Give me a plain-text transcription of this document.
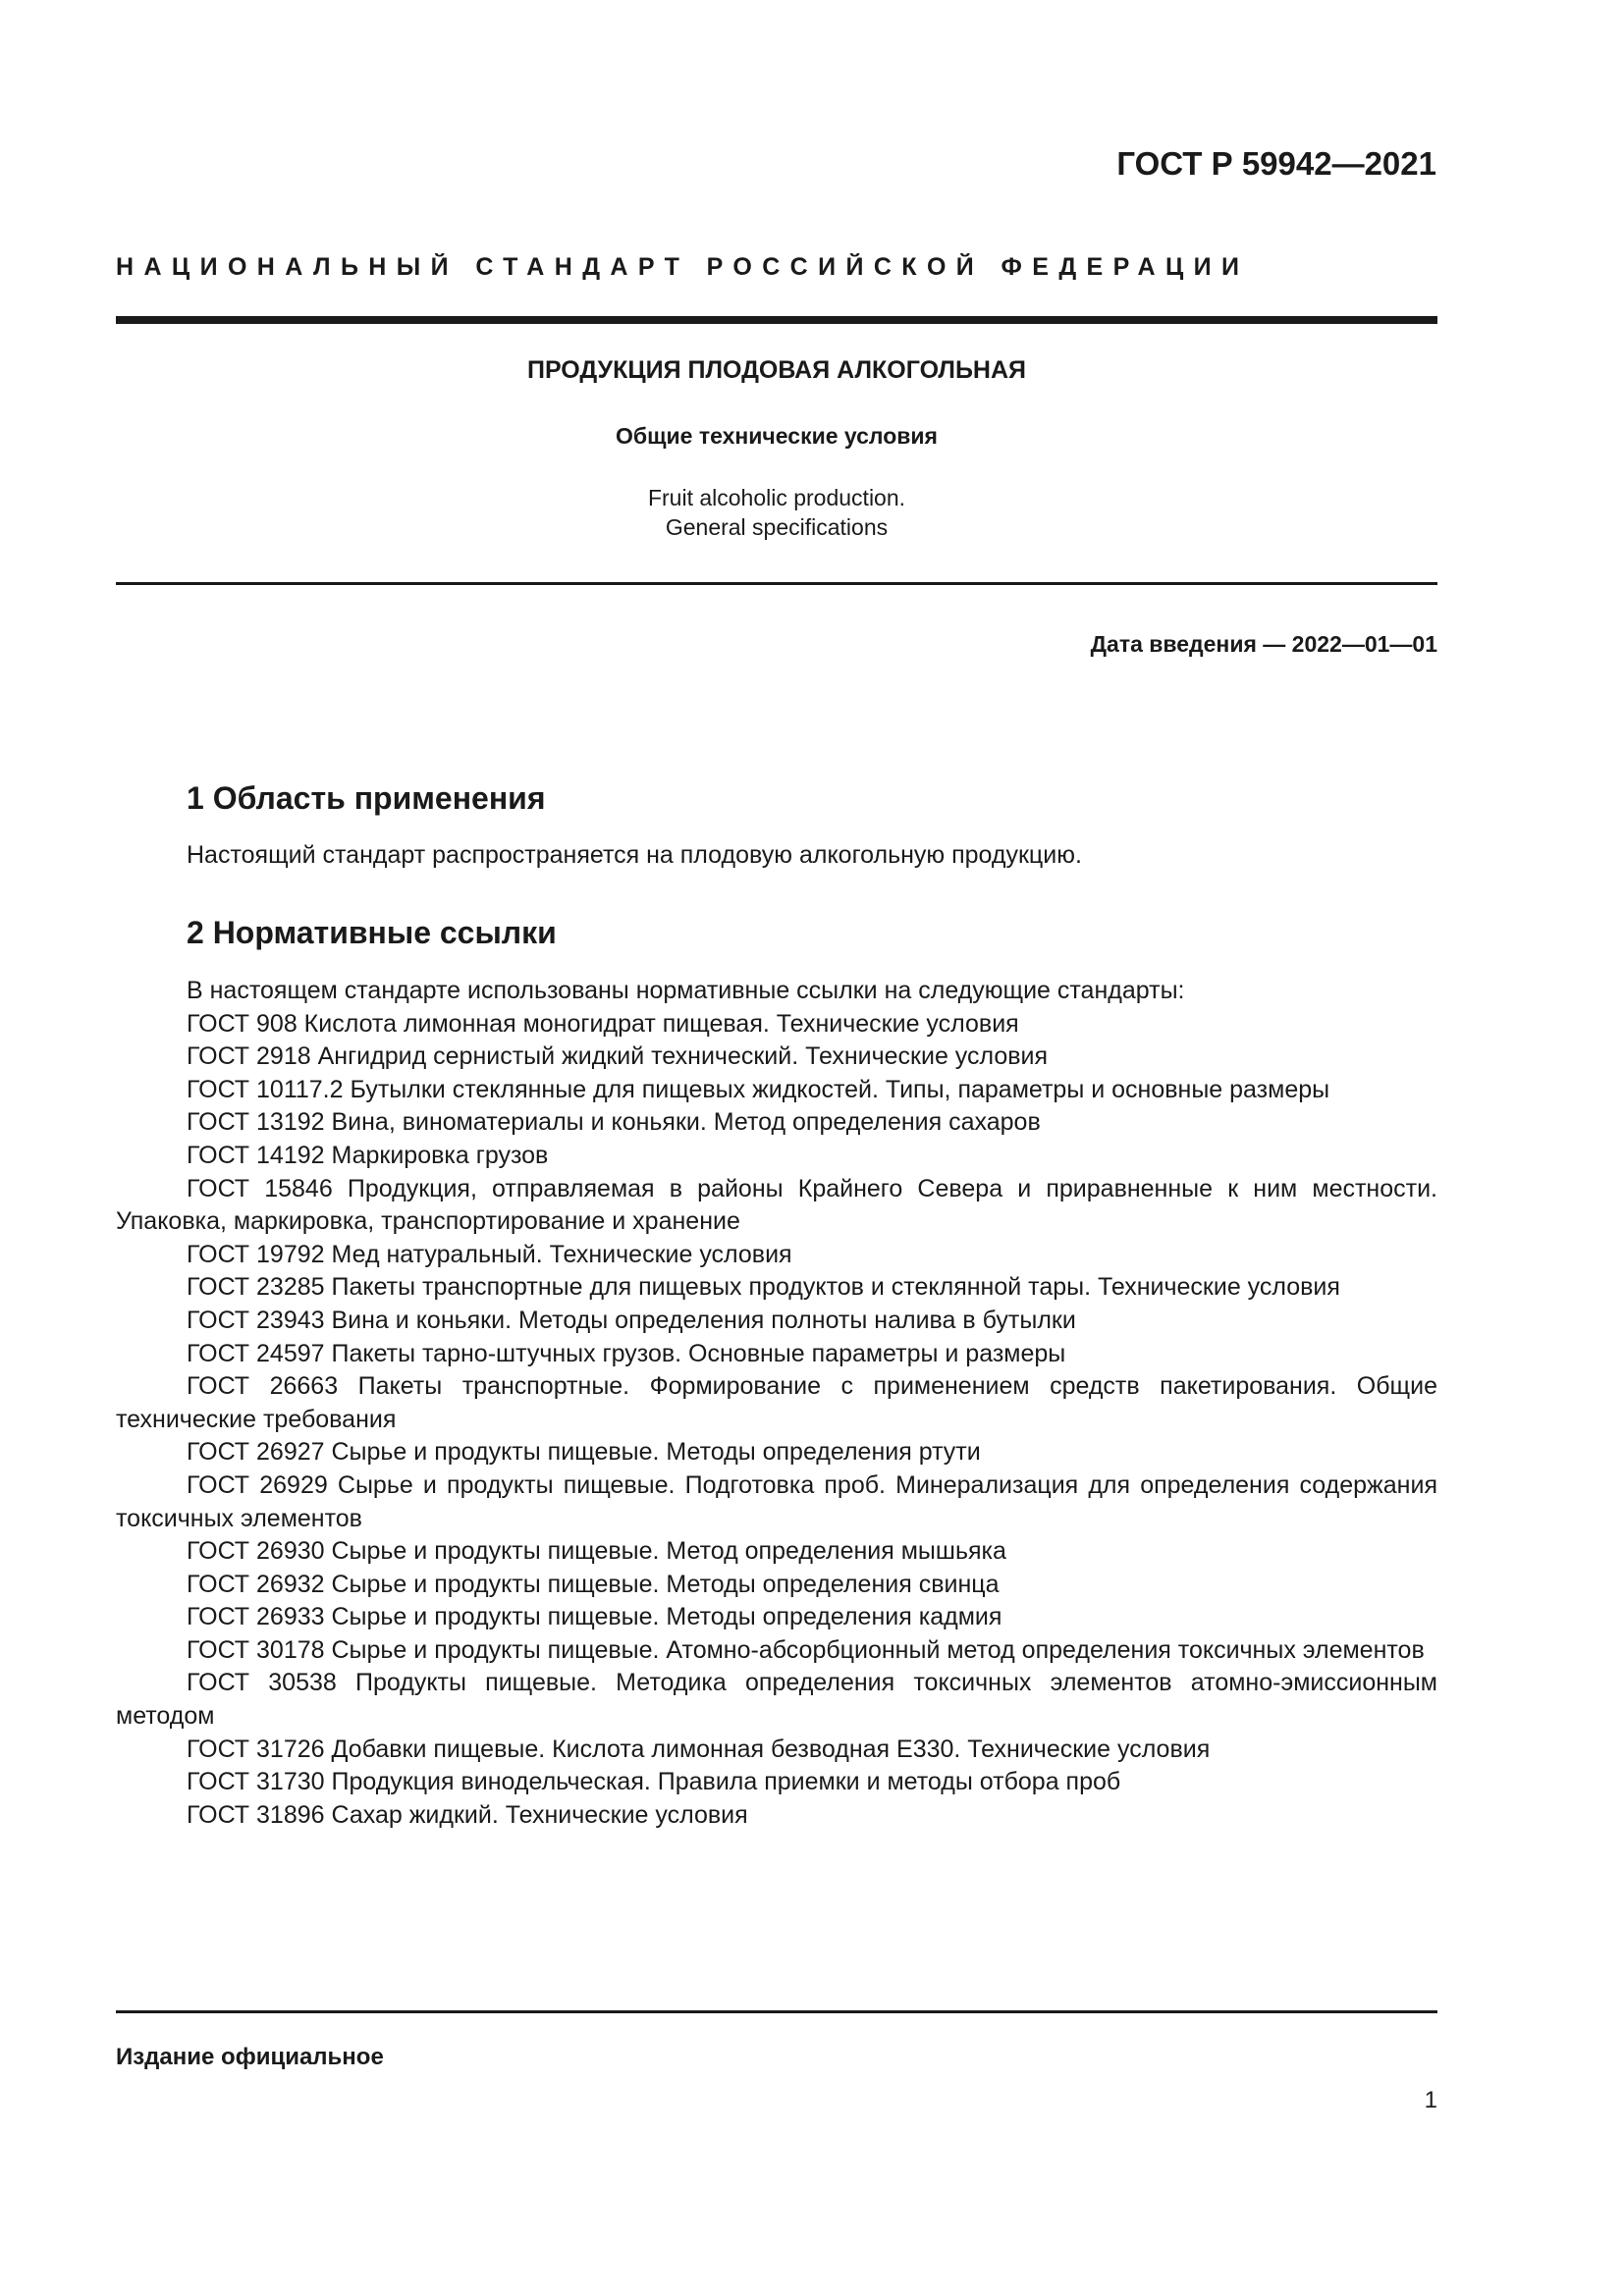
ГОСТ Р 59942—2021
НАЦИОНАЛЬНЫЙ СТАНДАРТ РОССИЙСКОЙ ФЕДЕРАЦИИ
ПРОДУКЦИЯ ПЛОДОВАЯ АЛКОГОЛЬНАЯ
Общие технические условия
Fruit alcoholic production.
General specifications
Дата введения — 2022—01—01
1 Область применения

Настоящий стандарт распространяется на плодовую алкогольную продукцию.

2 Нормативные ссылки

В настоящем стандарте использованы нормативные ссылки на следующие стандарты:

ГОСТ 908 Кислота лимонная моногидрат пищевая. Технические условия
ГОСТ 2918 Ангидрид сернистый жидкий технический. Технические условия
ГОСТ 10117.2 Бутылки стеклянные для пищевых жидкостей. Типы, параметры и основные размеры
ГОСТ 13192 Вина, виноматериалы и коньяки. Метод определения сахаров
ГОСТ 14192 Маркировка грузов
ГОСТ 15846 Продукция, отправляемая в районы Крайнего Севера и приравненные к ним местности. Упаковка, маркировка, транспортирование и хранение
ГОСТ 19792 Мед натуральный. Технические условия
ГОСТ 23285 Пакеты транспортные для пищевых продуктов и стеклянной тары. Технические условия
ГОСТ 23943 Вина и коньяки. Методы определения полноты налива в бутылки
ГОСТ 24597 Пакеты тарно-штучных грузов. Основные параметры и размеры
ГОСТ 26663 Пакеты транспортные. Формирование с применением средств пакетирования. Общие технические требования
ГОСТ 26927 Сырье и продукты пищевые. Методы определения ртути
ГОСТ 26929 Сырье и продукты пищевые. Подготовка проб. Минерализация для определения содержания токсичных элементов
ГОСТ 26930 Сырье и продукты пищевые. Метод определения мышьяка
ГОСТ 26932 Сырье и продукты пищевые. Методы определения свинца
ГОСТ 26933 Сырье и продукты пищевые. Методы определения кадмия
ГОСТ 30178 Сырье и продукты пищевые. Атомно-абсорбционный метод определения токсичных элементов
ГОСТ 30538 Продукты пищевые. Методика определения токсичных элементов атомно-эмиссионным методом
ГОСТ 31726 Добавки пищевые. Кислота лимонная безводная E330. Технические условия
ГОСТ 31730 Продукция винодельческая. Правила приемки и методы отбора проб
ГОСТ 31896 Сахар жидкий. Технические условия
Издание официальное
1
